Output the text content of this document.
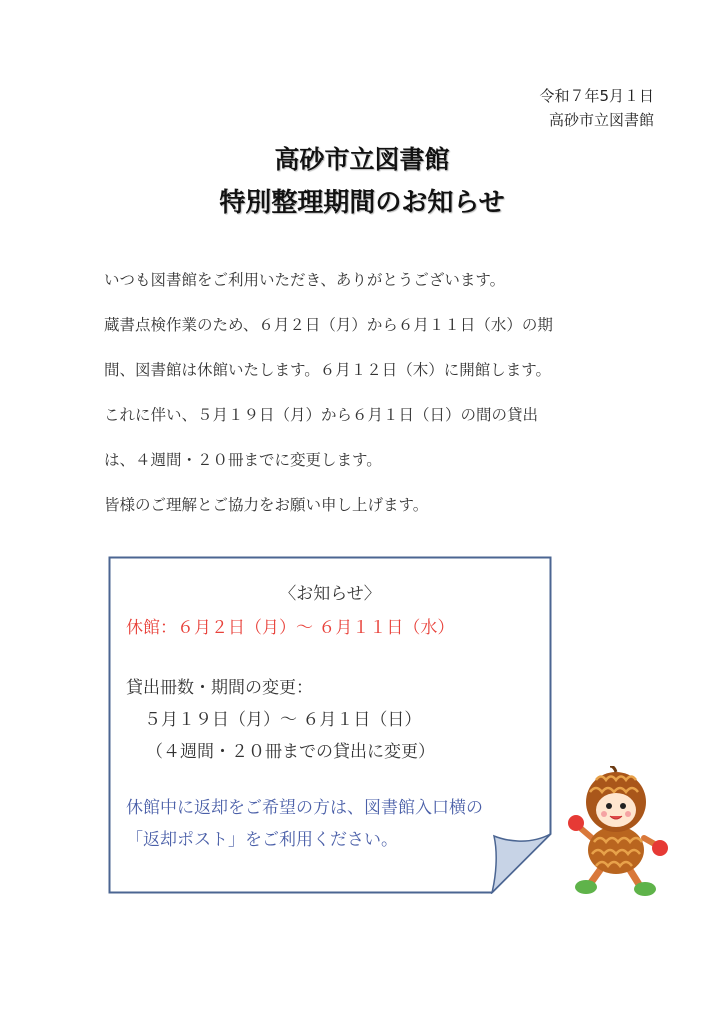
令和７年5月１日
高砂市立図書館
高砂市立図書館
特別整理期間のお知らせ

いつも図書館をご利用いただき、ありがとうございます。

蔵書点検作業のため、６月２日（月）から６月１１日（水）の期

間、図書館は休館いたします。６月１２日（木）に開館します。

これに伴い、５月１９日（月）から６月１日（日）の間の貸出

は、４週間・２０冊までに変更します。

皆様のご理解とご協力をお願い申し上げます。

〈お知らせ〉
休館：６月２日（月）～ ６月１１日（水）
貸出冊数・期間の変更：
５月１９日（月）～ ６月１日（日）
（４週間・２０冊までの貸出に変更）
休館中に返却をご希望の方は、図書館入口横の
「返却ポスト」をご利用ください。
